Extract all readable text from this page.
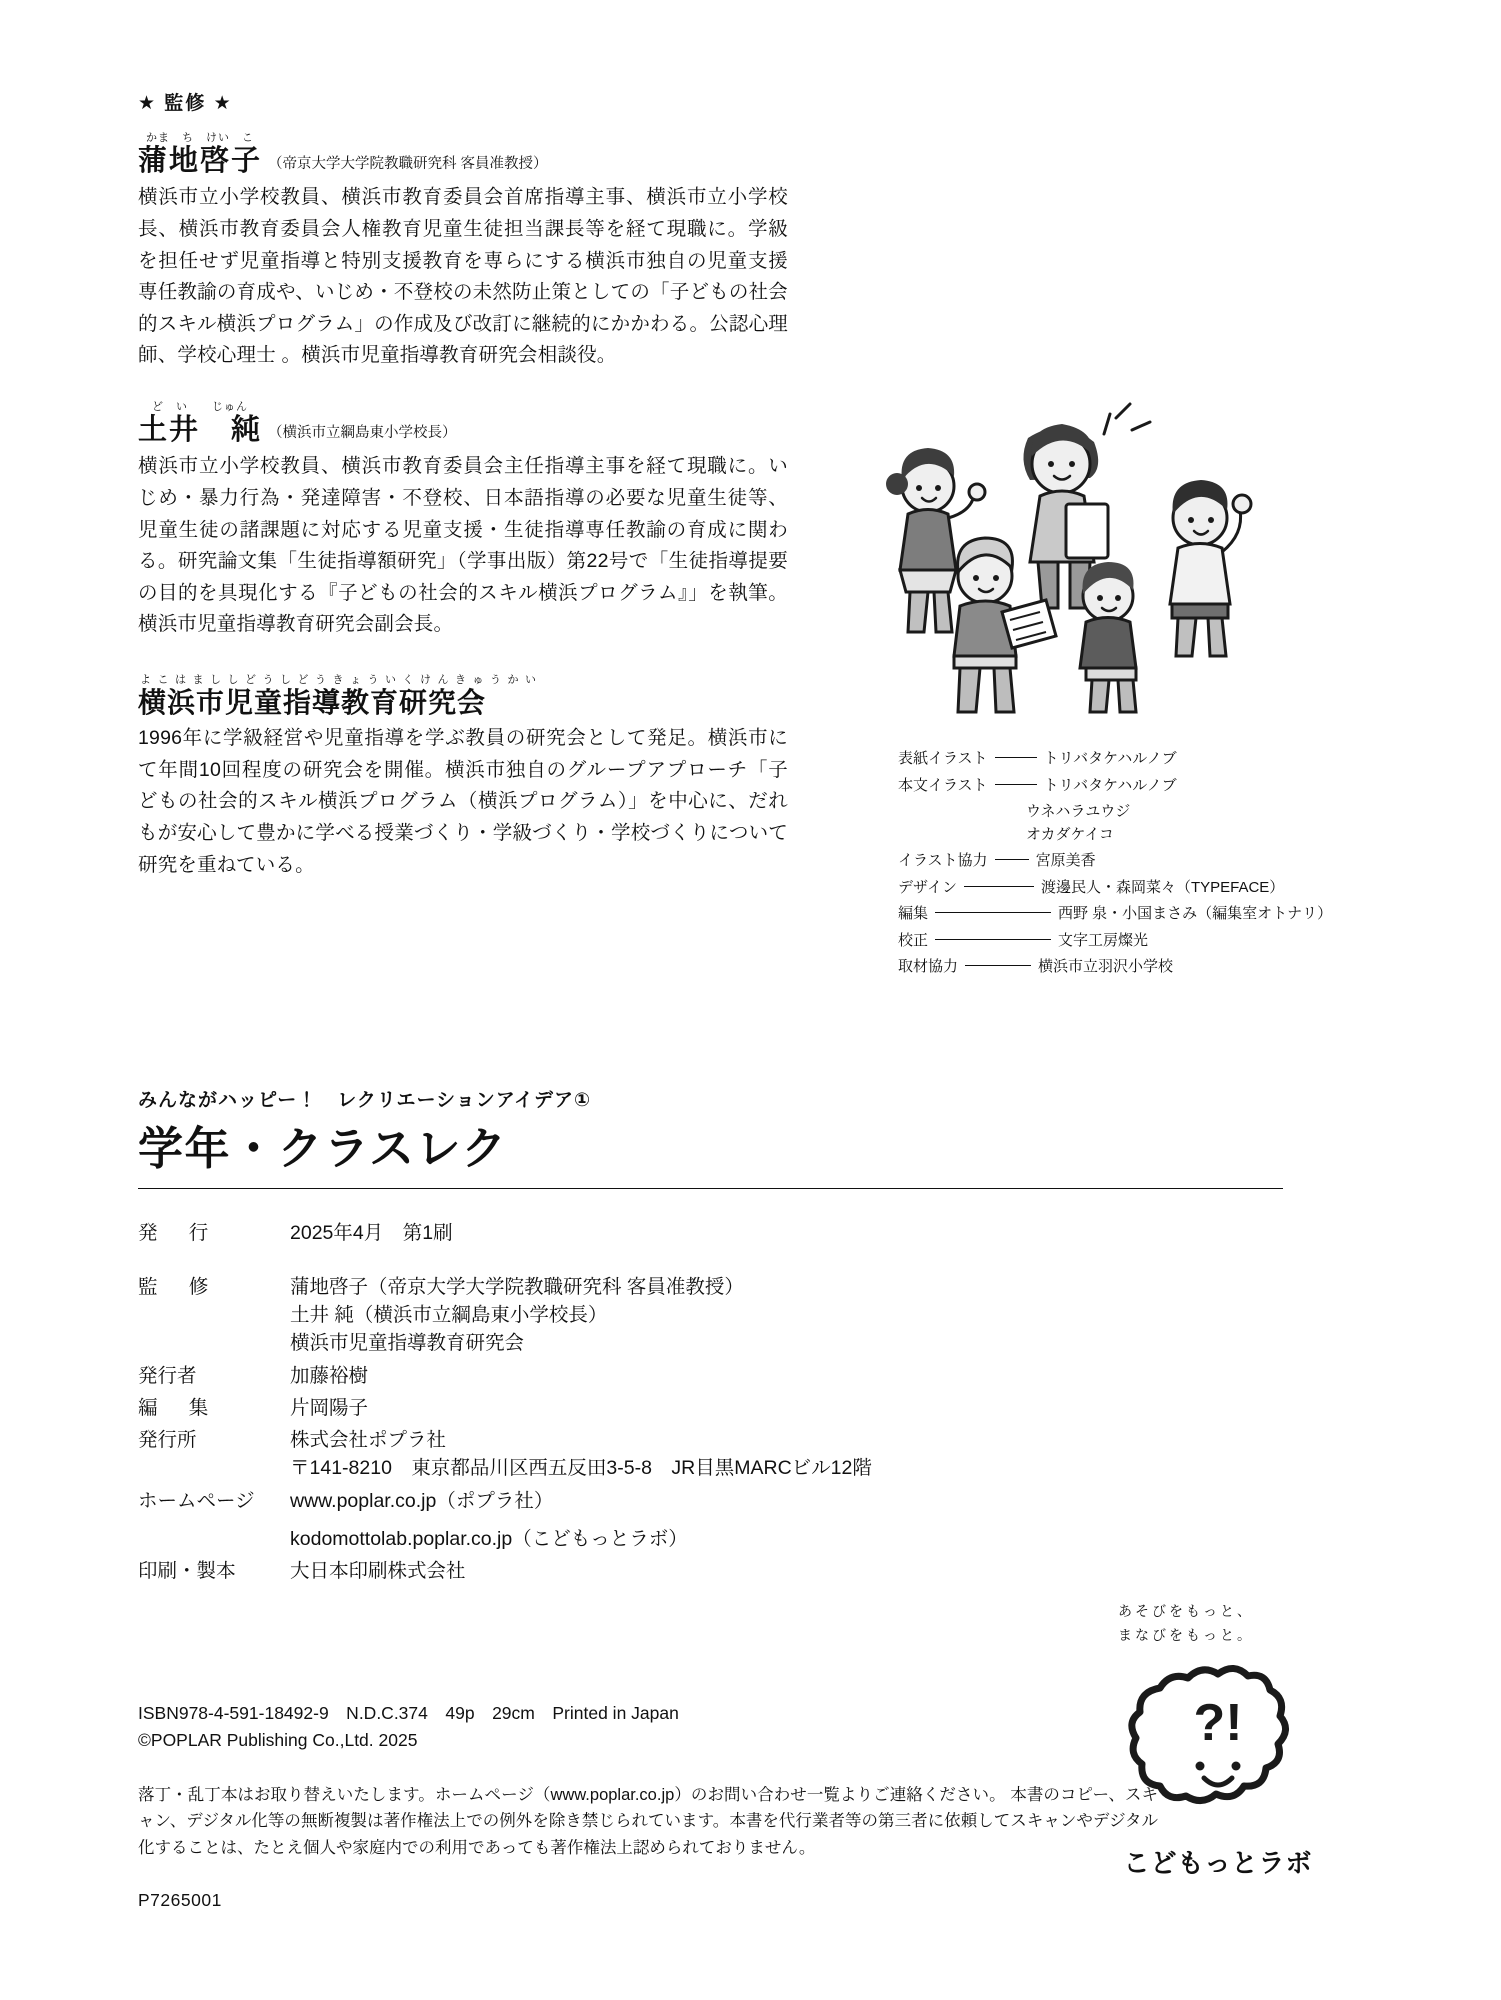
★ 監修 ★
かま　ち　けい　こ
蒲地啓子 （帝京大学大学院教職研究科 客員准教授）
横浜市立小学校教員、横浜市教育委員会首席指導主事、横浜市立小学校長、横浜市教育委員会人権教育児童生徒担当課長等を経て現職に。学級を担任せず児童指導と特別支援教育を専らにする横浜市独自の児童支援専任教諭の育成や、いじめ・不登校の未然防止策としての「子どもの社会的スキル横浜プログラム」の作成及び改訂に継続的にかかわる。公認心理師、学校心理士 。横浜市児童指導教育研究会相談役。
ど　い　　じゅん
土井　純 （横浜市立綱島東小学校長）
横浜市立小学校教員、横浜市教育委員会主任指導主事を経て現職に。いじめ・暴力行為・発達障害・不登校、日本語指導の必要な児童生徒等、児童生徒の諸課題に対応する児童支援・生徒指導専任教諭の育成に関わる。研究論文集「生徒指導額研究」（学事出版）第22号で「生徒指導提要の目的を具現化する『子どもの社会的スキル横浜プログラム』」を執筆。横浜市児童指導教育研究会副会長。
よこはまししどうしどうきょういくけんきゅうかい
横浜市児童指導教育研究会
1996年に学級経営や児童指導を学ぶ教員の研究会として発足。横浜市にて年間10回程度の研究会を開催。横浜市独自のグループアプローチ「子どもの社会的スキル横浜プログラム（横浜プログラム）」を中心に、だれもが安心して豊かに学べる授業づくり・学級づくり・学校づくりについて研究を重ねている。
表紙イラスト	トリバタケハルノブ
本文イラスト	トリバタケハルノブ
ウネハラユウジ
オカダケイコ
イラスト協力	宮原美香
デザイン	渡邊民人・森岡菜々（TYPEFACE）
編集	西野 泉・小国まさみ（編集室オトナリ）
校正	文字工房燦光
取材協力	横浜市立羽沢小学校
みんながハッピー！　レクリエーションアイデア①
学年・クラスレク
発　行	2025年4月　第1刷
監　修	蒲地啓子（帝京大学大学院教職研究科 客員准教授）
土井 純（横浜市立綱島東小学校長）
横浜市児童指導教育研究会
発行者	加藤裕樹
編　集	片岡陽子
発行所	株式会社ポプラ社
〒141-8210　東京都品川区西五反田3-5-8　JR目黒MARCビル12階
ホームページ	www.poplar.co.jp（ポプラ社）
kodomottolab.poplar.co.jp（こどもっとラボ）
印刷・製本	大日本印刷株式会社
ISBN978-4-591-18492-9　N.D.C.374　49p　29cm　Printed in Japan
©POPLAR Publishing Co.,Ltd. 2025
落丁・乱丁本はお取り替えいたします。ホームページ（www.poplar.co.jp）のお問い合わせ一覧よりご連絡ください。 本書のコピー、スキャン、デジタル化等の無断複製は著作権法上での例外を除き禁じられています。本書を代行業者等の第三者に依頼してスキャンやデジタル化することは、たとえ個人や家庭内での利用であっても著作権法上認められておりません。
P7265001
あそびをもっと、
まなびをもっと。
?!
こどもっとラボ
